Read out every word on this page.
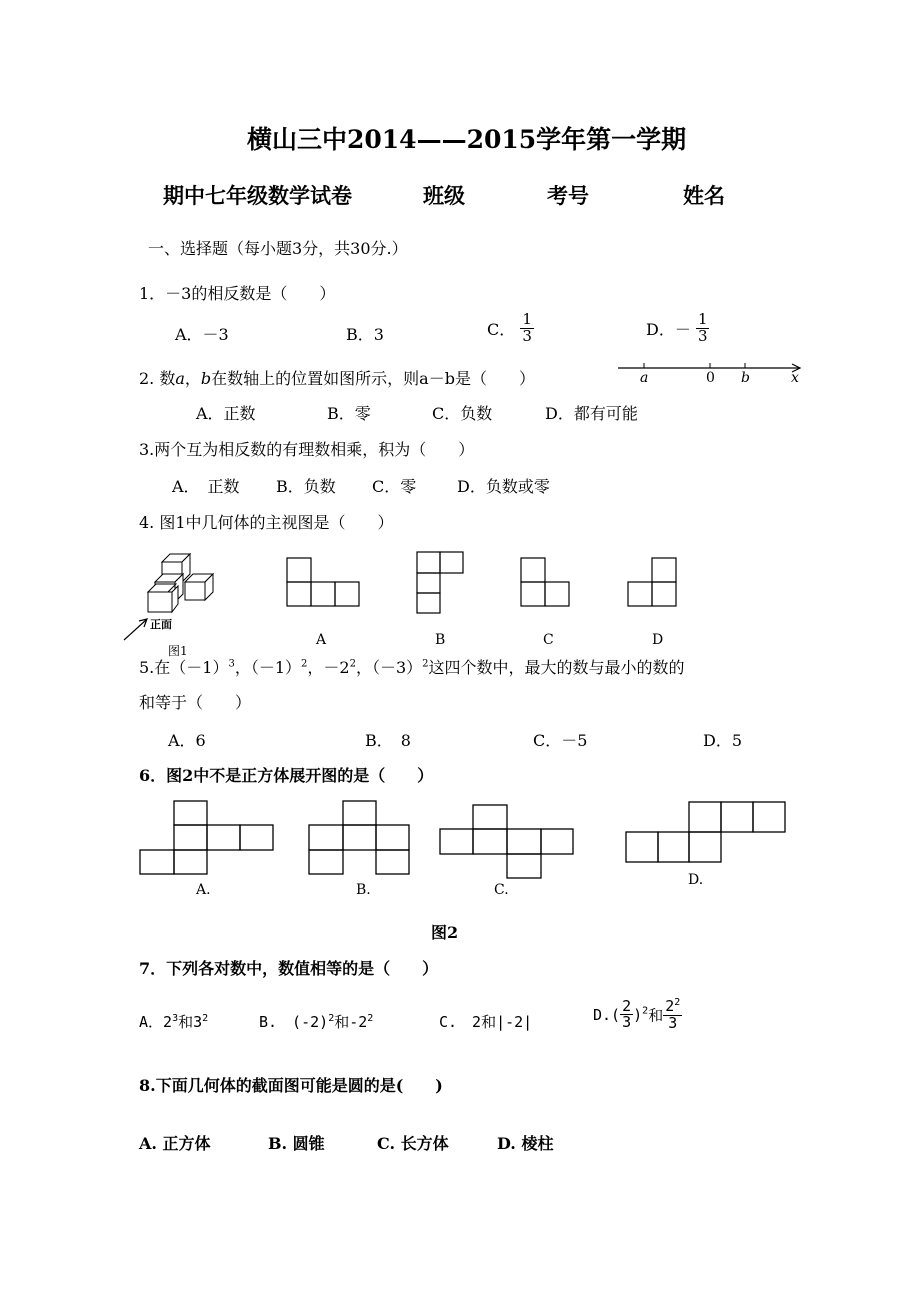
横山三中2014——2015学年第一学期
期中七年级数学试卷	班级	考号	姓名
一、选择题（每小题3分，共30分.）
1．－3的相反数是（　　）
A．－3	B．3	C． $\frac{1}{3}$	D．－ $\frac{1}{3}$
2. 数a，b在数轴上的位置如图所示，则a－b是（　　）	a	0 b	x
A．正数	B．零	C．负数	D．都有可能
3.两个互为相反数的有理数相乘，积为（　　）
A．　正数 B．负数 C．零	D．负数或零
4. 图1中几何体的主视图是（　　）
正面
图1
A	B	C	D
5.在$(-1)^3$，$(-1)^2$，$-2^2$，$(-3)^2$这四个数中，最大的数与最小的数的
和等于（　　）
A．6	B．　8	C．－5	D．5
6．图2中不是正方体展开图的是（　　）
A.	B.	C.
D.
图2
7．下列各对数中，数值相等的是（　　）
A．$2^3$和$3^2$	B.　$(-2)^2$和$-2^2$	C.　2和|-2|	$D.( \frac{2}{3} )^2$和 $\frac{2^2}{3}$
8.下面几何体的截面图可能是圆的是(　　)
A. 正方体	B. 圆锥	C. 长方体	D. 棱柱
